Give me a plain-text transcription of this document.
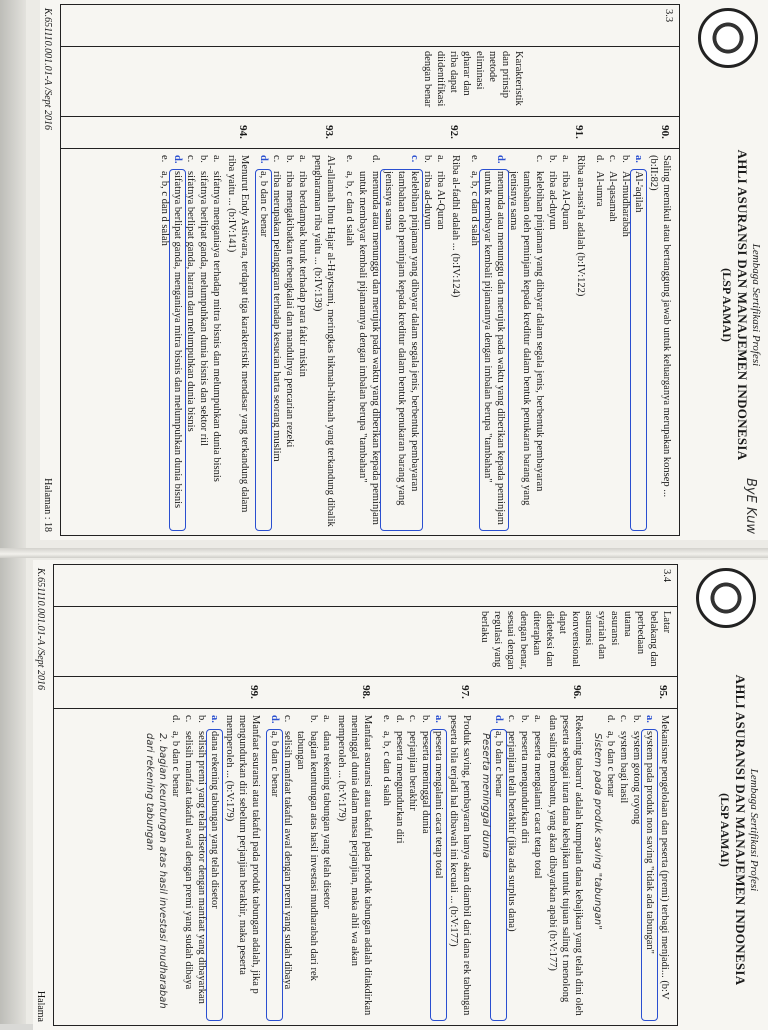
Lembaga Sertifikasi Profesi
AHLI ASURANSI DAN MANAJEMEN INDONESIA
(LSP AAMAI)
ByE Kuw
3.3
Karakteristik dan prinsip metode eliminasi gharar dan riba dapat diidentifikasi dengan benar
90.
91.
92.
93.
94.

Saling memikul atau bertanggung jawab untuk keluarganya merupakan konsep ... (b:II:82)

a.
Al-'aqilah
b.
Al-mudharabah
c.
Al-qasamah
d.
Al-umra

Riba an-nasi'ah adalah (b:IV:122)

a.
riba Al-Quran
b.
riba ad-duyun
c.
kelebihan pinjaman yang dibayar dalam segala jenis, berbentuk pembayaran tambahan oleh peminjam kepada kreditur dalam bentuk penukaran barang yang jenisnya sama
d.
menunda atau menunggu dan merujuk pada waktu yang diberikan kepada peminjam untuk membayar kembali pijamannya dengan imbalan berupa "tambahan"
e.
a, b, c dan d salah

Riba al-fadhl adalah ... (b:IV:124)

a.
riba Al-Quran
b.
riba ad-duyun
c.
kelebihan pinjaman yang dibayar dalam segala jenis, berbentuk pembayaran tambahan oleh peminjam kepada kreditur dalam bentuk penukaran barang yang jenisnya sama
d.
menunda atau menunggu dan merujuk pada waktu yang diberikan kepada peminjam untuk membayar kembali pijamannya dengan imbalan berupa "tambahan"
e.
a, b, c dan d salah

Al-allamah Ibnu Hajar al-Haytsami, meringkas hikmah-hikmah yang terkandung dibalik pengharaman riba yaitu ... (b:IV:139)

a.
riba berdampak buruk terhadap para fakir miskin
b.
riba mengakibatkan terbengkalai dan mandulnya pencarian rezeki
c.
riba merupakan pelanggaran terhadap kesucian harta seorang muslim
d.
a, b dan c benar

Menurut Endy Astiwara, terdapat tiga karakteristik mendasar yang terkandung dalam riba yaitu ... (b:IV:141)

a.
sifatnya menganiaya terhadap mitra bisnis dan melumpuhkan dunia bisnis
b.
sifatnya berlipat ganda, melumpuhkan dunia bisnis dan sektor riil
c.
sifatnya berlipat ganda, haram dan melumpuhkan dunia bisnis
d.
sifatnya berlipat ganda, menganiaya mitra bisnis dan melumpuhkan dunia bisnis
e.
a, b, c dan d salah
K.651110.001.01-A /Sept 2016
Halaman : 18
Lembaga Sertifikasi Profesi
AHLI ASURANSI DAN MANAJEMEN INDONESIA
(LSP AAMAI)
3.4
Latar belakang dan perbedaan utama asuransi syariah dan asuransi konvensional dapat dideteksi dan diterapkan dengan benar, sesuai dengan regulasi yang berlaku
95.
96.
97.
98.
99.

Mekanisme pengelolaan dan peserta (premi) terbagi menjadi... (b:V

a.
system pada produk non saving "tidak ada tabungan"
b.
system gotong royong
c.
system bagi hasil
d.
a, b dan c benar
Sistem pada produk saving "tabungan"

Rekening tabarru' adalah kumpulan dana kebajikan yang telah dini oleh peserta sebagai iuran dana kebajikan untuk tujuan saling t menolong dan saling membantu, yang akan dibayarkan apabi (b:V:177)

a.
peserta mengalami cacat tetap total
b.
peserta mengundurkan diri
c.
perjanjian telah berakhir (jika ada surplus dana)
d.
a, b dan c benar
Peserta meninggal dunia

Produk saving, pembayaran hanya akan diambil dari dana rek tabungan peserta bila terjadi hal dibawah ini kecuali ... (b:V:177)

a.
peserta mengalami cacat tetap total
b.
peserta meninggal dunia
c.
perjanjian berakhir
d.
peserta mengundurkan diri
e.
a, b, c dan d salah

Manfaat asuransi atau takaful pada produk tabungan adalah ditakdirkan meninggal dunia dalam masa perjanjian, maka ahli wa akan memperoleh ... (b:V:179)

a.
dana rekening tabungan yang telah disetor
b.
bagian keuntungan atas hasil investasi mudharabah dari rek tabungan
c.
selisih manfaat takaful awal dengan premi yang sudah dibaya
d.
a, b dan c benar

Manfaat asuransi atau takaful pada produk tabungan adalah, jika p mengundurkan diri sebelum perjanjian berakhir, maka peserta memperoleh ... (b:V:179)

a.
dana rekening tabungan yang telah disetor
b.
selisih premi yang telah disetor dengan manfaat yang dibayarkan
c.
selisih manfaat takaful awal dengan premi yang sudah dibaya
d.
a, b dan c benar
2. bagian keuntungan atas hasil investasi mudharabah dari rekening tabungan
K.651110.001.01-A /Sept 2016
Halama
